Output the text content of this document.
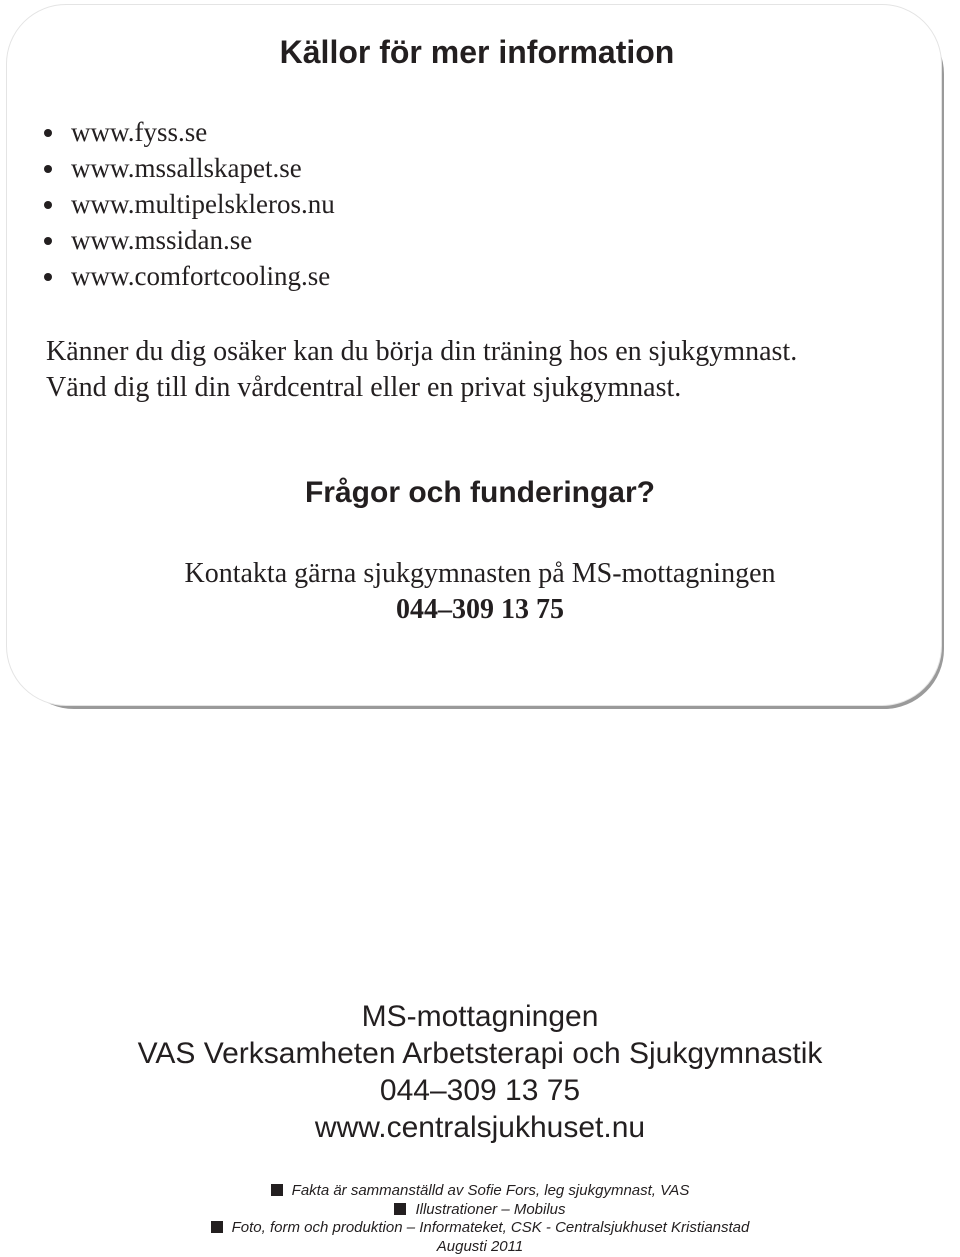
Källor för mer information
www.fyss.se
www.mssallskapet.se
www.multipelskleros.nu
www.mssidan.se
www.comfortcooling.se

Känner du dig osäker kan du börja din träning hos en sjukgymnast.
Vänd dig till din vårdcentral eller en privat sjukgymnast.

Frågor och funderingar?
Kontakta gärna sjukgymnasten på MS-mottagningen
044–309 13 75
MS-mottagningen
VAS Verksamheten Arbetsterapi och Sjukgymnastik
044–309 13 75
www.centralsjukhuset.nu
Fakta är sammanställd av Sofie Fors, leg sjukgymnast, VAS
Illustrationer – Mobilus
Foto, form och produktion – Informateket, CSK - Centralsjukhuset Kristianstad
Augusti 2011
